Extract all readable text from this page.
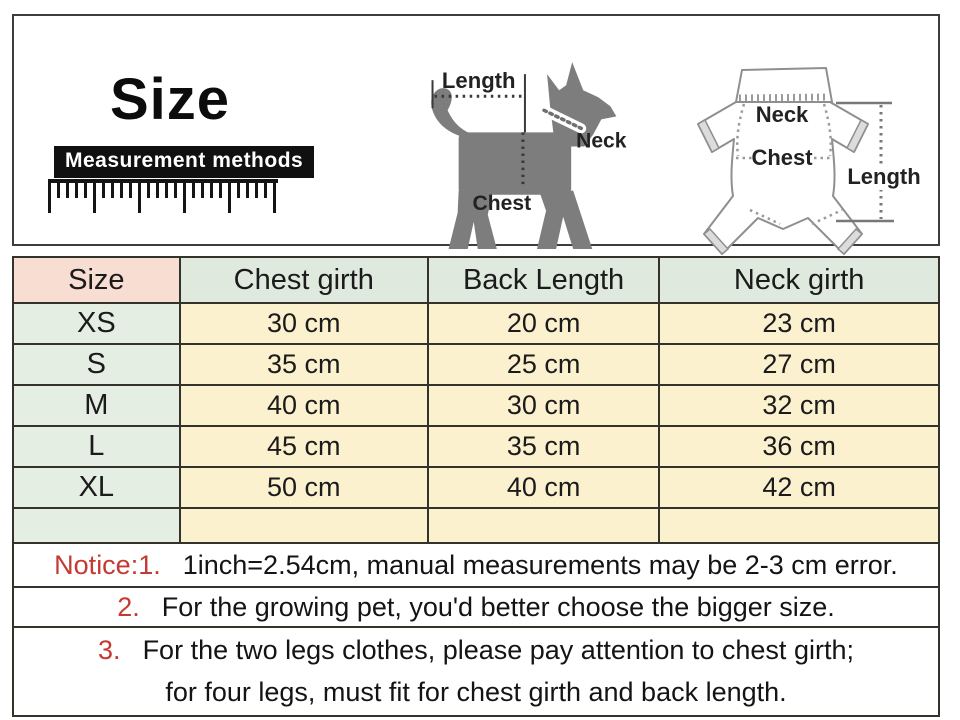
Size
Measurement methods
Length
Neck
Chest
Neck
Chest
Length
Size	Chest girth	Back Length	Neck girth
XS	30 cm	20 cm	23 cm
S	35 cm	25 cm	27 cm
M	40 cm	30 cm	32 cm
L	45 cm	35 cm	36 cm
XL	50 cm	40 cm	42 cm

Notice:1. 1inch=2.54cm, manual measurements may be 2-3 cm error.
2. For the growing pet, you'd better choose the bigger size.
3. For the two legs clothes, please pay attention to chest girth;
for four legs, must fit for chest girth and back length.
